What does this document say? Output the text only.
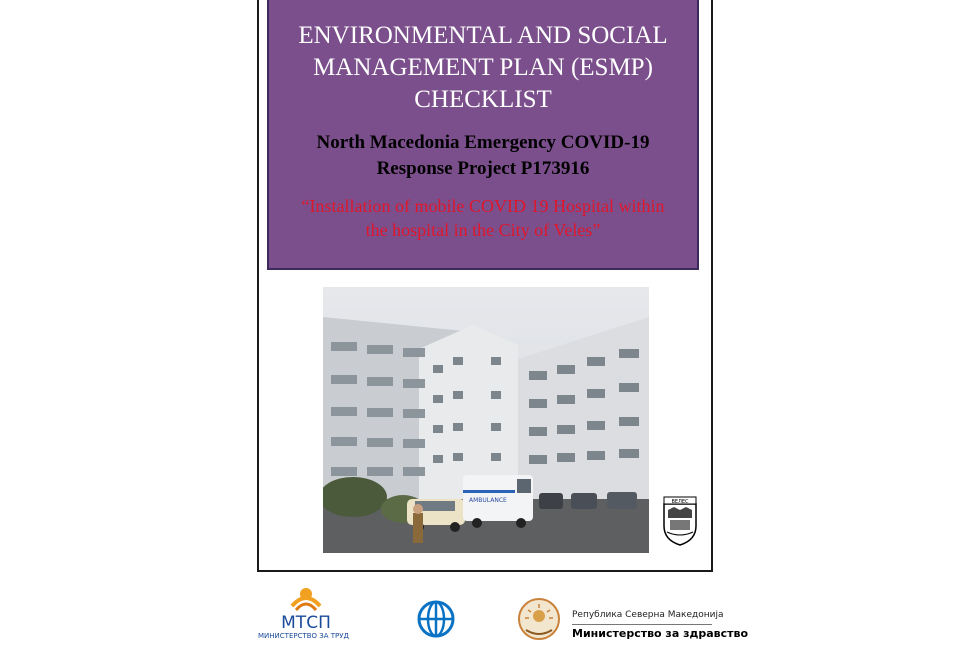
ENVIRONMENTAL AND SOCIAL
MANAGEMENT PLAN (ESMP)
CHECKLIST
North Macedonia Emergency COVID-19
Response Project P173916
“Installation of mobile COVID 19 Hospital within
the hospital in the City of Veles”
AMBULANCE	ВЕЛЕС
МТСП
МИНИСТЕРСТВО ЗА ТРУД
Република Северна Македонија
Министерство за здравство
